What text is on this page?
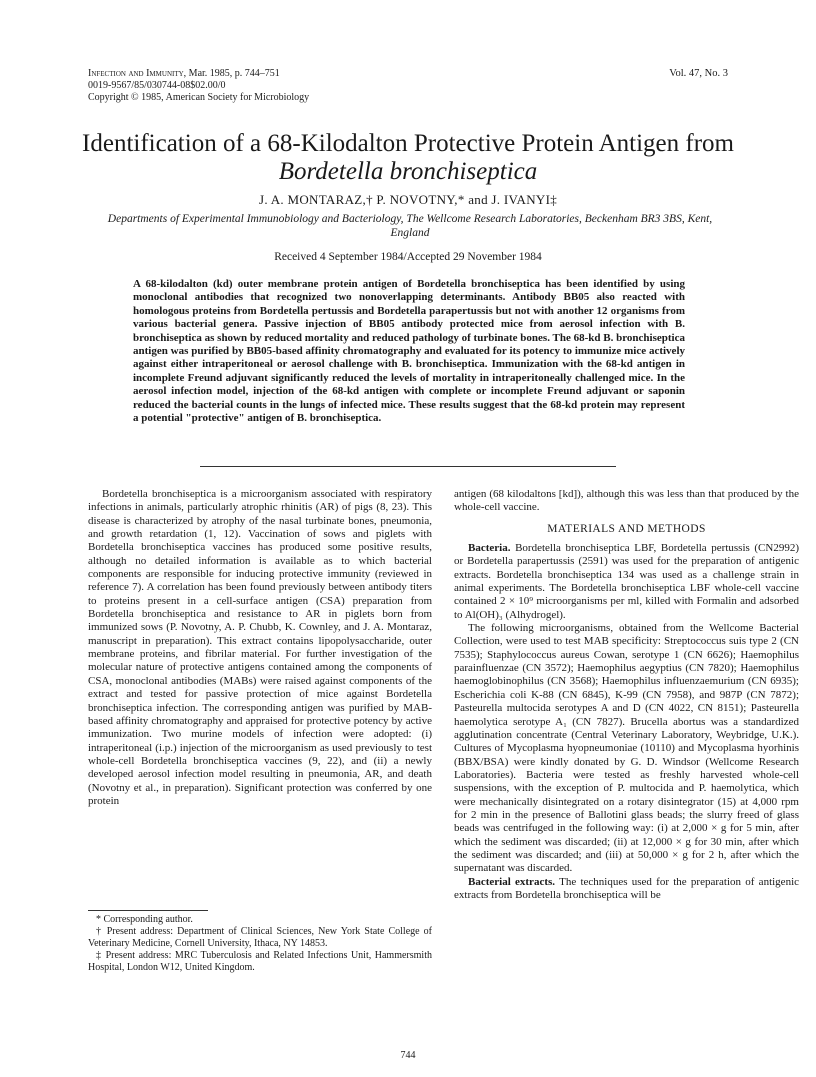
Infection and Immunity, Mar. 1985, p. 744–751
0019-9567/85/030744-08$02.00/0
Copyright © 1985, American Society for Microbiology
Vol. 47, No. 3
Identification of a 68-Kilodalton Protective Protein Antigen from
Bordetella bronchiseptica
J. A. MONTARAZ,† P. NOVOTNY,* and J. IVANYI‡
Departments of Experimental Immunobiology and Bacteriology, The Wellcome Research Laboratories, Beckenham BR3 3BS, Kent, England
Received 4 September 1984/Accepted 29 November 1984

A 68-kilodalton (kd) outer membrane protein antigen of Bordetella bronchiseptica has been identified by using monoclonal antibodies that recognized two nonoverlapping determinants. Antibody BB05 also reacted with homologous proteins from Bordetella pertussis and Bordetella parapertussis but not with another 12 organisms from various bacterial genera. Passive injection of BB05 antibody protected mice from aerosol infection with B. bronchiseptica as shown by reduced mortality and reduced pathology of turbinate bones. The 68-kd B. bronchiseptica antigen was purified by BB05-based affinity chromatography and evaluated for its potency to immunize mice actively against either intraperitoneal or aerosol challenge with B. bronchiseptica. Immunization with the 68-kd antigen in incomplete Freund adjuvant significantly reduced the levels of mortality in intraperitoneally challenged mice. In the aerosol infection model, injection of the 68-kd antigen with complete or incomplete Freund adjuvant or saponin reduced the bacterial counts in the lungs of infected mice. These results suggest that the 68-kd protein may represent a potential "protective" antigen of B. bronchiseptica.

Bordetella bronchiseptica is a microorganism associated with respiratory infections in animals, particularly atrophic rhinitis (AR) of pigs (8, 23). This disease is characterized by atrophy of the nasal turbinate bones, pneumonia, and growth retardation (1, 12). Vaccination of sows and piglets with Bordetella bronchiseptica vaccines has produced some positive results, although no detailed information is available as to which bacterial components are responsible for inducing protective immunity (reviewed in reference 7). A correlation has been found previously between antibody titers to proteins present in a cell-surface antigen (CSA) preparation from Bordetella bronchiseptica and resistance to AR in piglets born from immunized sows (P. Novotny, A. P. Chubb, K. Cownley, and J. A. Montaraz, manuscript in preparation). This extract contains lipopolysaccharide, outer membrane proteins, and fibrilar material. For further investigation of the molecular nature of protective antigens contained among the components of CSA, monoclonal antibodies (MABs) were raised against components of the extract and tested for passive protection of mice against Bordetella bronchiseptica infection. The corresponding antigen was purified by MAB-based affinity chromatography and appraised for protective potency by active immunization. Two murine models of infection were adopted: (i) intraperitoneal (i.p.) injection of the microorganism as used previously to test whole-cell Bordetella bronchiseptica vaccines (9, 22), and (ii) a newly developed aerosol infection model resulting in pneumonia, AR, and death (Novotny et al., in preparation). Significant protection was conferred by one protein

* Corresponding author.
† Present address: Department of Clinical Sciences, New York State College of Veterinary Medicine, Cornell University, Ithaca, NY 14853.
‡ Present address: MRC Tuberculosis and Related Infections Unit, Hammersmith Hospital, London W12, United Kingdom.

antigen (68 kilodaltons [kd]), although this was less than that produced by the whole-cell vaccine.

MATERIALS AND METHODS

Bacteria. Bordetella bronchiseptica LBF, Bordetella pertussis (CN2992) or Bordetella parapertussis (2591) was used for the preparation of antigenic extracts. Bordetella bronchiseptica 134 was used as a challenge strain in animal experiments. The Bordetella bronchiseptica LBF whole-cell vaccine contained 2 × 10⁹ microorganisms per ml, killed with Formalin and adsorbed to Al(OH)₃ (Alhydrogel).

The following microorganisms, obtained from the Wellcome Bacterial Collection, were used to test MAB specificity: Streptococcus suis type 2 (CN 7535); Staphylococcus aureus Cowan, serotype 1 (CN 6626); Haemophilus parainfluenzae (CN 3572); Haemophilus aegyptius (CN 7820); Haemophilus haemoglobinophilus (CN 3568); Haemophilus influenzaemurium (CN 6935); Escherichia coli K-88 (CN 6845), K-99 (CN 7958), and 987P (CN 7872); Pasteurella multocida serotypes A and D (CN 4022, CN 8151); Pasteurella haemolytica serotype A₁ (CN 7827). Brucella abortus was a standardized agglutination concentrate (Central Veterinary Laboratory, Weybridge, U.K.). Cultures of Mycoplasma hyopneumoniae (10110) and Mycoplasma hyorhinis (BBX/BSA) were kindly donated by G. D. Windsor (Wellcome Research Laboratories). Bacteria were tested as freshly harvested whole-cell suspensions, with the exception of P. multocida and P. haemolytica, which were mechanically disintegrated on a rotary disintegrator (15) at 4,000 rpm for 2 min in the presence of Ballotini glass beads; the slurry freed of glass beads was centrifuged in the following way: (i) at 2,000 × g for 5 min, after which the sediment was discarded; (ii) at 12,000 × g for 30 min, after which the sediment was discarded; and (iii) at 50,000 × g for 2 h, after which the supernatant was discarded.

Bacterial extracts. The techniques used for the preparation of antigenic extracts from Bordetella bronchiseptica will be

744
